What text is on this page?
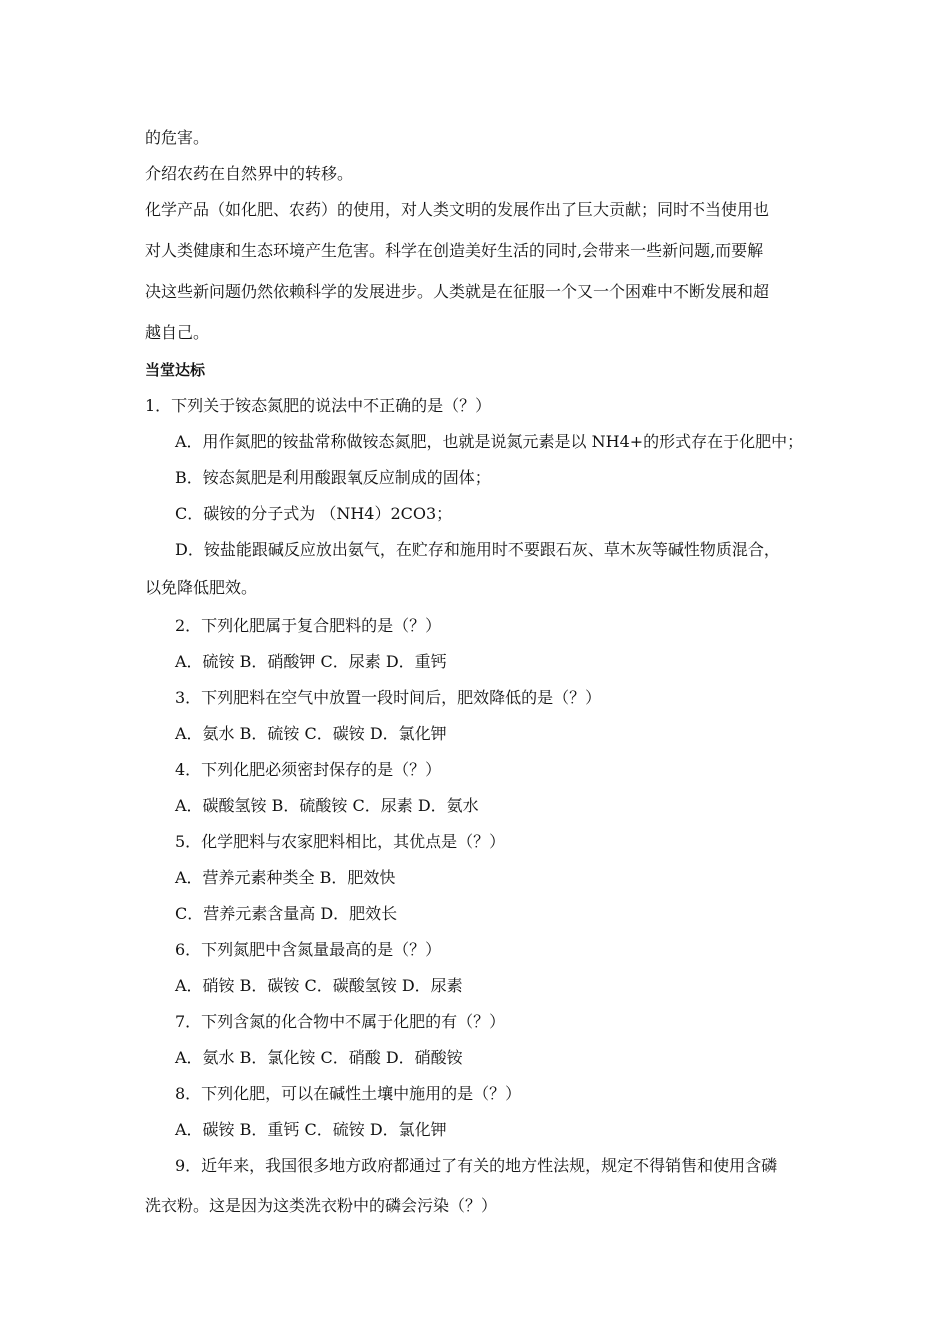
的危害。
介绍农药在自然界中的转移。
化学产品（如化肥、农药）的使用，对人类文明的发展作出了巨大贡献；同时不当使用也
对人类健康和生态环境产生危害。科学在创造美好生活的同时,会带来一些新问题,而要解
决这些新问题仍然依赖科学的发展进步。人类就是在征服一个又一个困难中不断发展和超
越自己。
当堂达标
1．下列关于铵态氮肥的说法中不正确的是（？）
A．用作氮肥的铵盐常称做铵态氮肥，也就是说氮元素是以 NH4+的形式存在于化肥中；
B．铵态氮肥是利用酸跟氧反应制成的固体；
C．碳铵的分子式为 （NH4）2CO3；
D．铵盐能跟碱反应放出氨气，在贮存和施用时不要跟石灰、草木灰等碱性物质混合，
以免降低肥效。
2．下列化肥属于复合肥料的是（？）
A．硫铵 B．硝酸钾 C．尿素 D．重钙
3．下列肥料在空气中放置一段时间后，肥效降低的是（？）
A．氨水 B．硫铵 C．碳铵 D．氯化钾
4．下列化肥必须密封保存的是（？）
A．碳酸氢铵 B．硫酸铵 C．尿素 D．氨水
5．化学肥料与农家肥料相比，其优点是（？）
A．营养元素种类全 B．肥效快
C．营养元素含量高 D．肥效长
6．下列氮肥中含氮量最高的是（？）
A．硝铵 B．碳铵 C．碳酸氢铵 D．尿素
7．下列含氮的化合物中不属于化肥的有（？）
A．氨水 B．氯化铵 C．硝酸 D．硝酸铵
8．下列化肥，可以在碱性土壤中施用的是（？）
A．碳铵 B．重钙 C．硫铵 D．氯化钾
9．近年来，我国很多地方政府都通过了有关的地方性法规，规定不得销售和使用含磷
洗衣粉。这是因为这类洗衣粉中的磷会污染（？）
